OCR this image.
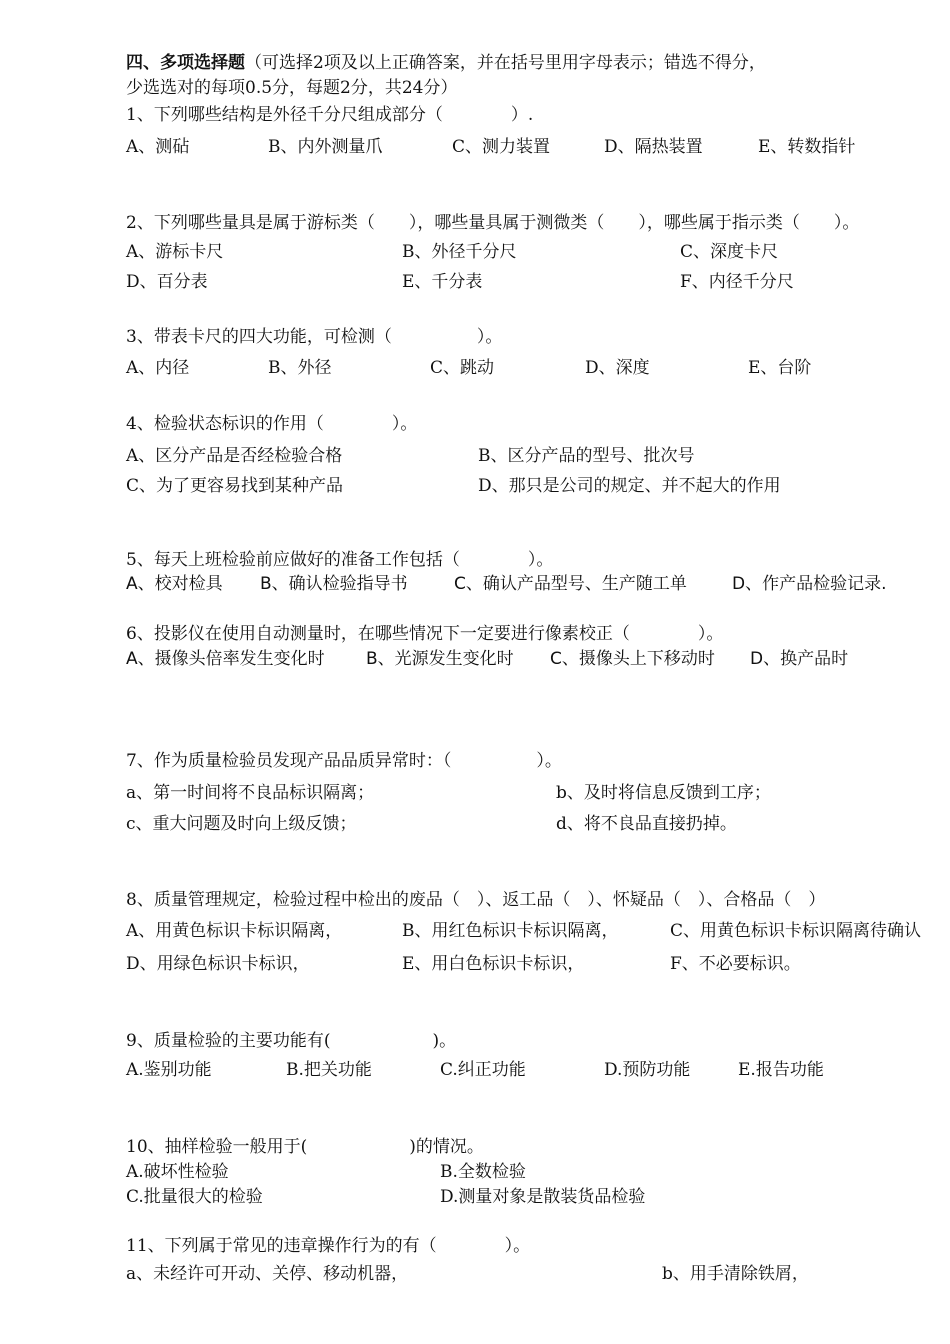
四、多项选择题（可选择2项及以上正确答案，并在括号里用字母表示；错选不得分，
少选选对的每项0.5分，每题2分，共24分）
1、下列哪些结构是外径千分尺组成部分（　　　　）.
A、测砧	B、内外测量爪	C、测力装置	D、隔热装置	E、转数指针
2、下列哪些量具是属于游标类（　　），哪些量具属于测微类（　　），哪些属于指示类（　　）。
A、游标卡尺	B、外径千分尺	C、深度卡尺
D、百分表	E、千分表	F、内径千分尺
3、带表卡尺的四大功能，可检测（　　　　　）。
A、内径	B、外径	C、跳动	D、深度	E、台阶
4、检验状态标识的作用（　　　　）。
A、区分产品是否经检验合格	B、区分产品的型号、批次号
C、为了更容易找到某种产品	D、那只是公司的规定、并不起大的作用
5、每天上班检验前应做好的准备工作包括（　　　　）。
A、校对检具 B、确认检验指导书	C、确认产品型号、生产随工单	D、作产品检验记录.
6、投影仪在使用自动测量时，在哪些情况下一定要进行像素校正（　　　　）。
A、摄像头倍率发生变化时 B、光源发生变化时 C、摄像头上下移动时 D、换产品时
7、作为质量检验员发现产品品质异常时：（　　　　　）。
a、第一时间将不良品标识隔离；	b、及时将信息反馈到工序；
c、重大问题及时向上级反馈；	d、将不良品直接扔掉。
8、质量管理规定，检验过程中检出的废品（　）、返工品（　）、怀疑品（　）、合格品（　）
A、用黄色标识卡标识隔离，	B、用红色标识卡标识隔离，	C、用黄色标识卡标识隔离待确认
D、用绿色标识卡标识，	E、用白色标识卡标识，	F、不必要标识。
9、质量检验的主要功能有(　　　　　　)。
A.鉴别功能	B.把关功能	C.纠正功能	D.预防功能	E.报告功能
10、抽样检验一般用于(　　　　　　)的情况。
A.破坏性检验	B.全数检验
C.批量很大的检验	D.测量对象是散装货品检验
11、下列属于常见的违章操作行为的有（　　　　）。
a、未经许可开动、关停、移动机器，	b、用手清除铁屑，
